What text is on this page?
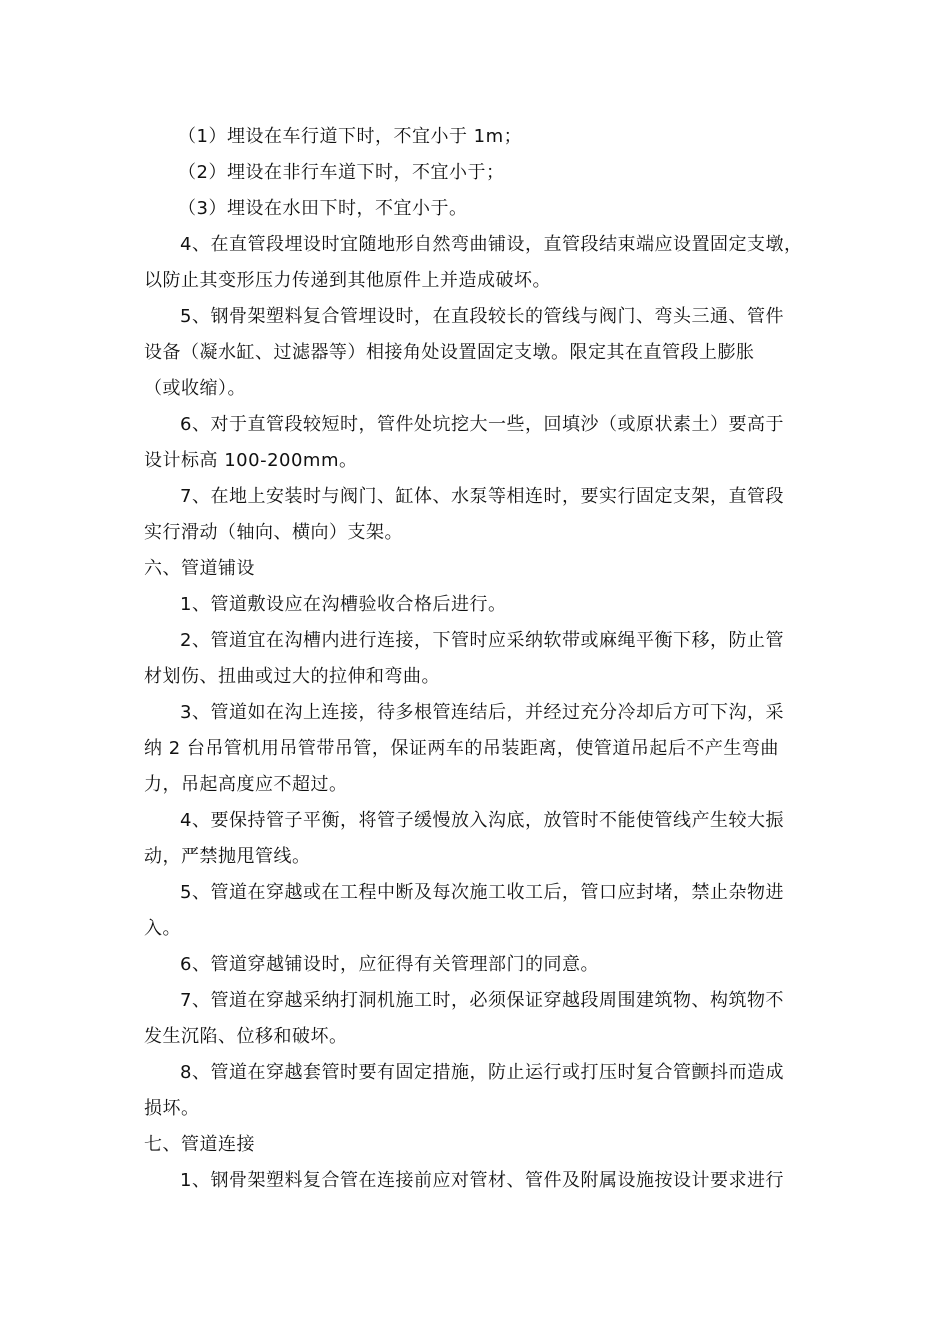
（1）埋设在车行道下时，不宜小于 1m；
（2）埋设在非行车道下时，不宜小于；
（3）埋设在水田下时，不宜小于。
4、在直管段埋设时宜随地形自然弯曲铺设，直管段结束端应设置固定支墩，
以防止其变形压力传递到其他原件上并造成破坏。
5、钢骨架塑料复合管埋设时，在直段较长的管线与阀门、弯头三通、管件
设备（凝水缸、过滤器等）相接角处设置固定支墩。限定其在直管段上膨胀
（或收缩）。
6、对于直管段较短时，管件处坑挖大一些，回填沙（或原状素土）要高于
设计标高 100-200mm。
7、在地上安装时与阀门、缸体、水泵等相连时，要实行固定支架，直管段
实行滑动（轴向、横向）支架。
六、管道铺设
1、管道敷设应在沟槽验收合格后进行。
2、管道宜在沟槽内进行连接，下管时应采纳软带或麻绳平衡下移，防止管
材划伤、扭曲或过大的拉伸和弯曲。
3、管道如在沟上连接，待多根管连结后，并经过充分冷却后方可下沟，采
纳 2 台吊管机用吊管带吊管，保证两车的吊装距离，使管道吊起后不产生弯曲
力，吊起高度应不超过。
4、要保持管子平衡，将管子缓慢放入沟底，放管时不能使管线产生较大振
动，严禁抛甩管线。
5、管道在穿越或在工程中断及每次施工收工后，管口应封堵，禁止杂物进
入。
6、管道穿越铺设时，应征得有关管理部门的同意。
7、管道在穿越采纳打洞机施工时，必须保证穿越段周围建筑物、构筑物不
发生沉陷、位移和破坏。
8、管道在穿越套管时要有固定措施，防止运行或打压时复合管颤抖而造成
损坏。
七、管道连接
1、钢骨架塑料复合管在连接前应对管材、管件及附属设施按设计要求进行
